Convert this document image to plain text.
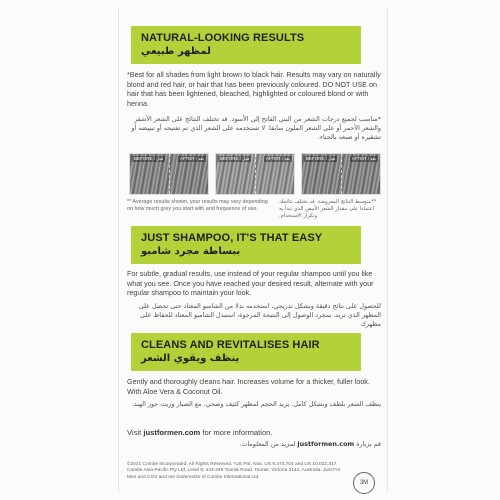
NATURAL-LOOKING RESULTS
لمظهر طبيعي
*Best for all shades from light brown to black hair. Results may vary on naturally blond and red hair, or hair that has been previously coloured. DO NOT USE on hair that has been lightened, bleached, highlighted or coloured blond or with henna.
*مناسب لجميع درجات الشعر من البني الفاتح إلى الأسود. قد تختلف النتائج على الشعر الأشقر والشعر الأحمر أو على الشعر الملون سابقا. لا تستخدمه على الشعر الذي تم تفتيحه أو تبييضه أو تشقيره أو صبغه بالحناء.
BEFORE / قبل	AFTER / بعد	BEFORE / قبل	AFTER / بعد	BEFORE / قبل	AFTER / بعد
** Average results shown, your results may vary depending on how much grey you start with and frequence of use.
**متوسط النتائج المعروضة. قد تختلف نتائجك اعتمادا على مقدار الشعر الأبيض الذي تبدأ به وتكرار الاستخدام.
JUST SHAMPOO, IT'S THAT EASY
ببساطة مجرد شامبو
For subtle, gradual results, use instead of your regular shampoo until you like what you see. Once you have reached your desired result, alternate with your regular shampoo to maintain your look.
للحصول على نتائج دقيقة وبشكل تدريجي، استخدمه بدلا من الشامبو المعتاد حتى تحصل على المظهر الذي تريد. بمجرد الوصول إلى النتيجة المرجوة، استبدل الشامبو المعتاد للحفاظ على مظهرك
CLEANS AND REVITALISES HAIR
ينظف ويقوي الشعر
Gently and thoroughly cleans hair. Increases volume for a thicker, fuller look. With Aloe Vera & Coconut Oil.
ينظف الشعر بلطف وبشكل كامل. يزيد الحجم لمظهر كثيف وصحي. مع الصبار وزيت جوز الهند.
Visit justformen.com for more information.
قم بزيارة justformen.com لمزيد من المعلومات.
©2021 Combe Incorporated. All Rights Reserved. *US Pat. Nos. US 9,474,704 and US 10,022,317. Combe Asia-Pacific Pty Ltd, Level 8, 443-449 Toorak Road, Toorak, Victoria 3142, Australia. Just For Men and CGX and are trademarks of Combe International Ltd.
3M
